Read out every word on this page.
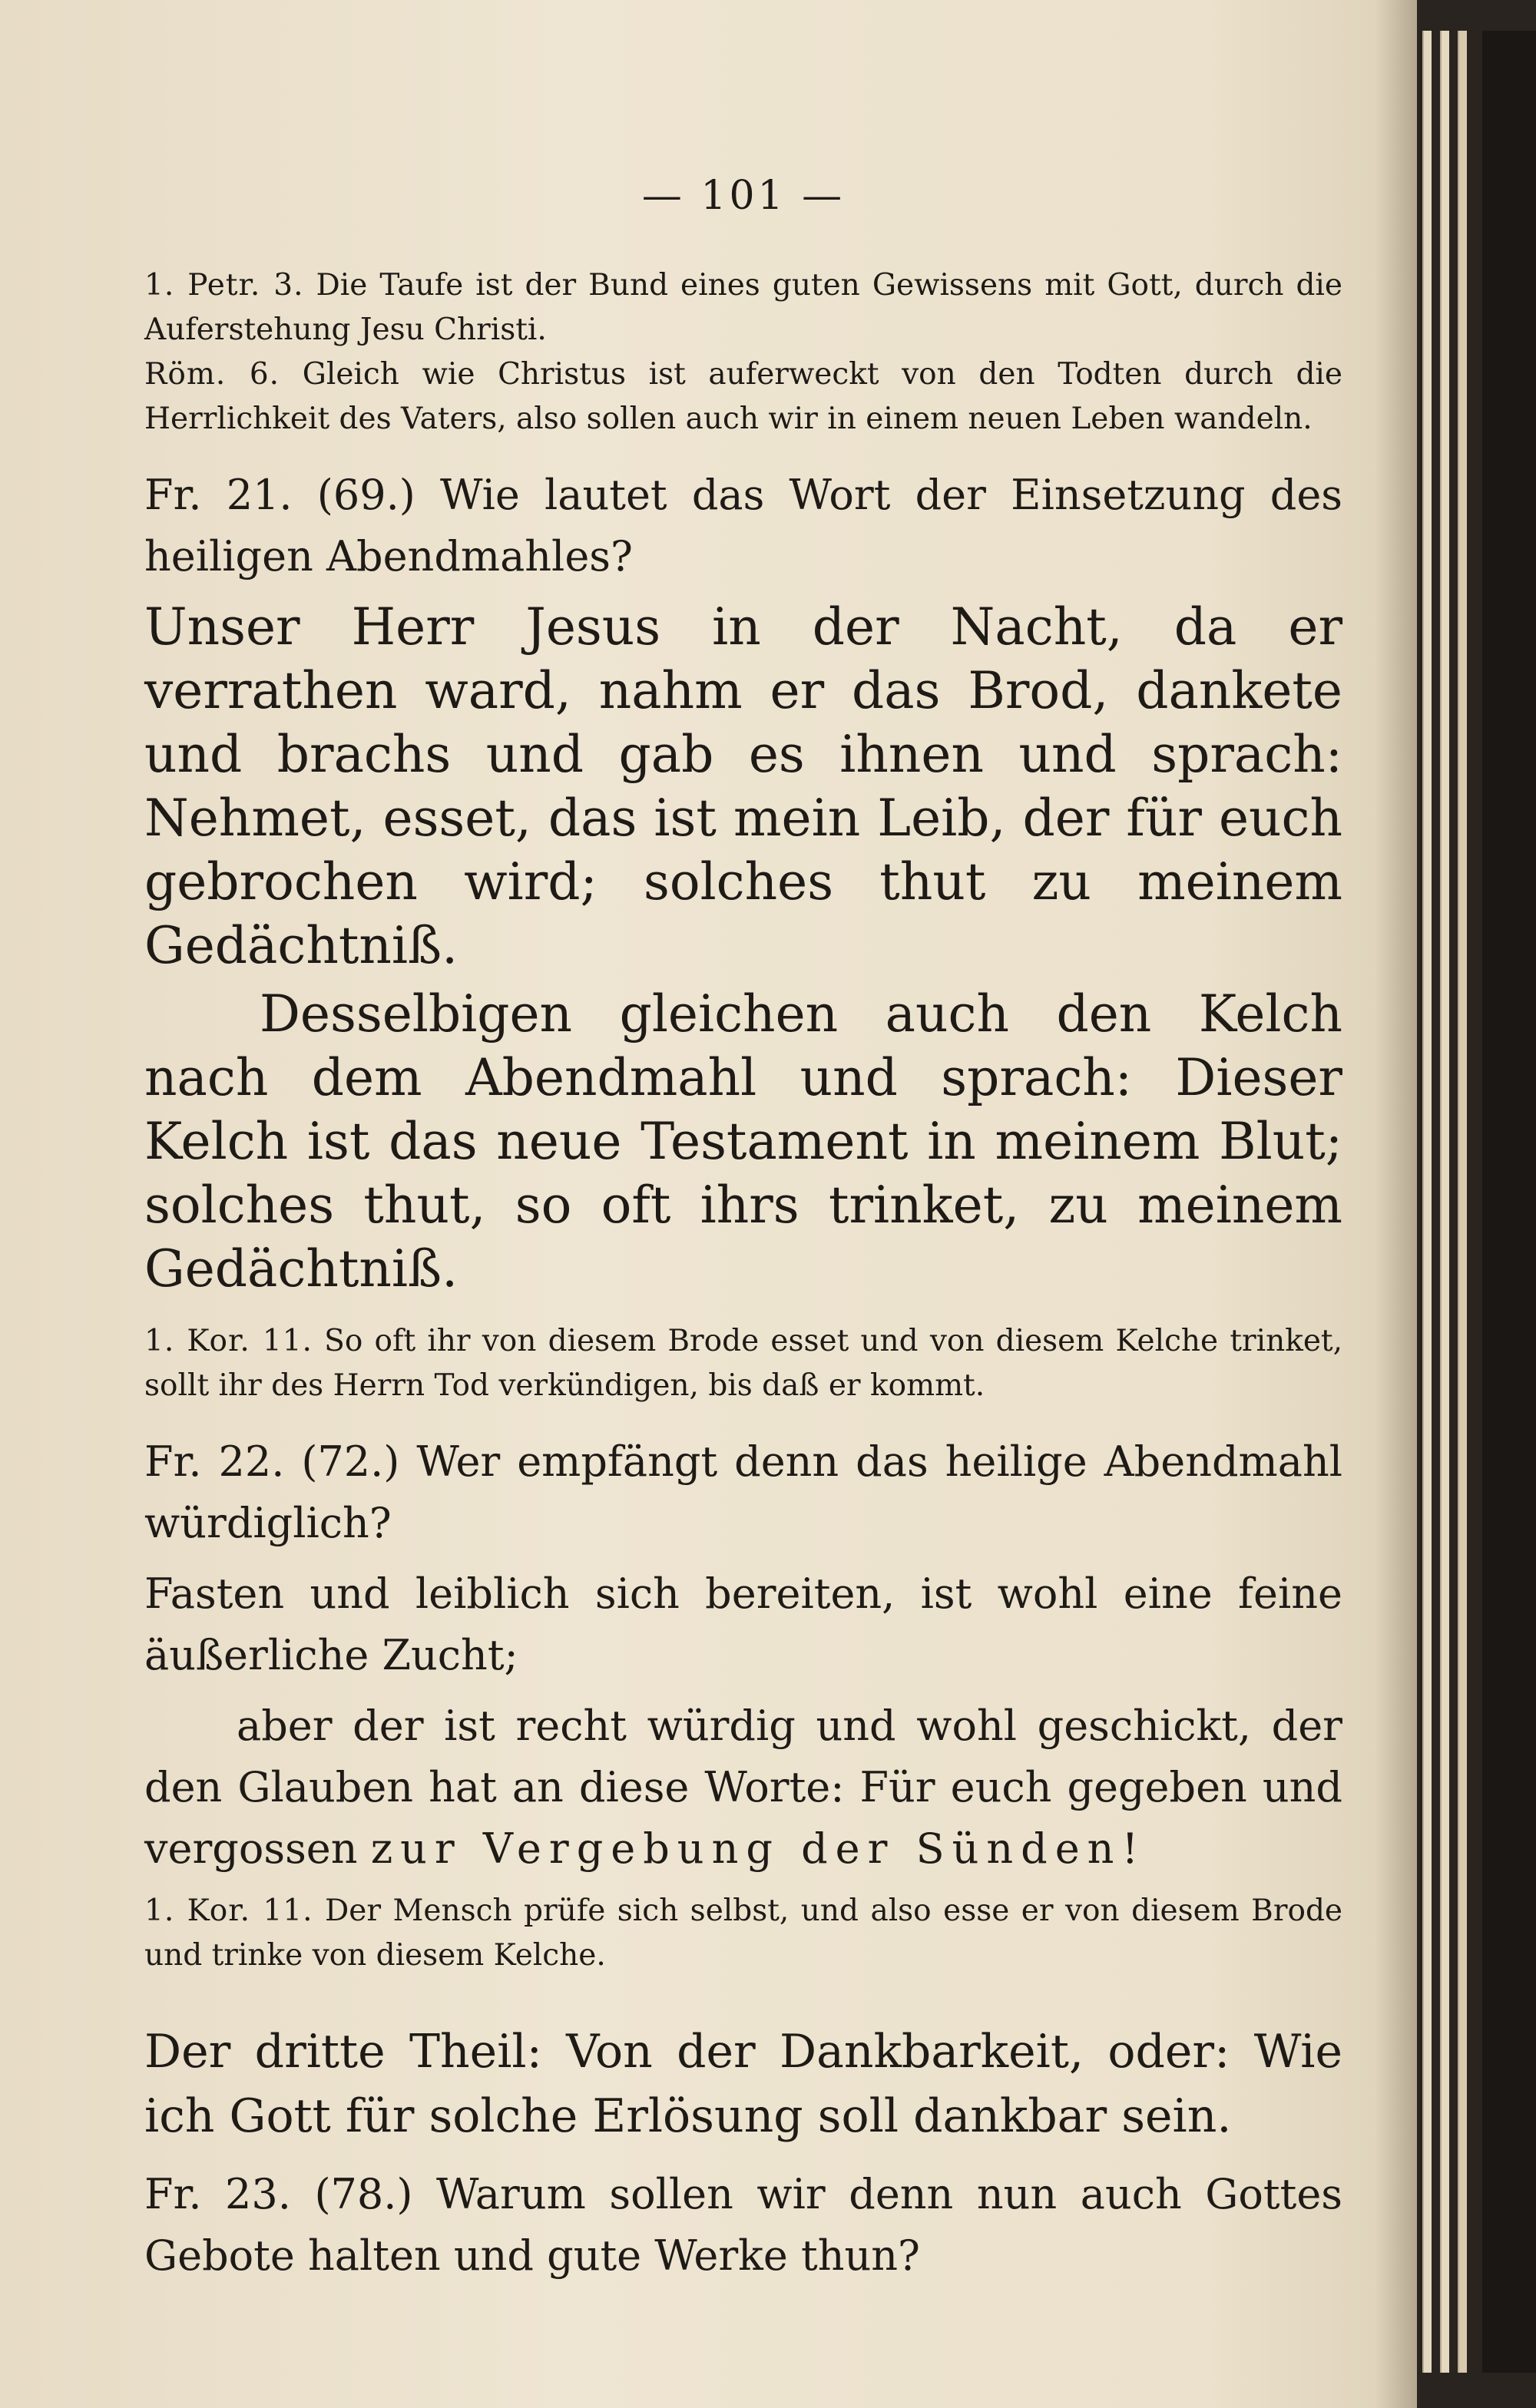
— 101 —

1. Petr. 3. Die Taufe ist der Bund eines guten Gewissens mit Gott, durch die Auferstehung Jesu Christi.

Röm. 6. Gleich wie Christus ist auferweckt von den Todten durch die Herrlichkeit des Vaters, also sollen auch wir in einem neuen Leben wandeln.

Fr. 21. (69.) Wie lautet das Wort der Einsetzung des heiligen Abendmahles?

Unser Herr Jesus in der Nacht, da er verrathen ward, nahm er das Brod, dankete und brachs und gab es ihnen und sprach: Nehmet, esset, das ist mein Leib, der für euch gebrochen wird; solches thut zu meinem Gedächtniß.

Desselbigen gleichen auch den Kelch nach dem Abendmahl und sprach: Dieser Kelch ist das neue Testament in meinem Blut; solches thut, so oft ihrs trinket, zu meinem Gedächtniß.

1. Kor. 11. So oft ihr von diesem Brode esset und von diesem Kelche trinket, sollt ihr des Herrn Tod verkündigen, bis daß er kommt.

Fr. 22. (72.) Wer empfängt denn das heilige Abendmahl würdiglich?

Fasten und leiblich sich bereiten, ist wohl eine feine äußerliche Zucht;

aber der ist recht würdig und wohl geschickt, der den Glauben hat an diese Worte: Für euch gegeben und vergossen zur Vergebung der Sünden!

1. Kor. 11. Der Mensch prüfe sich selbst, und also esse er von diesem Brode und trinke von diesem Kelche.

Der dritte Theil: Von der Dankbarkeit, oder: Wie ich Gott für solche Erlösung soll dankbar sein.

Fr. 23. (78.) Warum sollen wir denn nun auch Gottes Gebote halten und gute Werke thun?
